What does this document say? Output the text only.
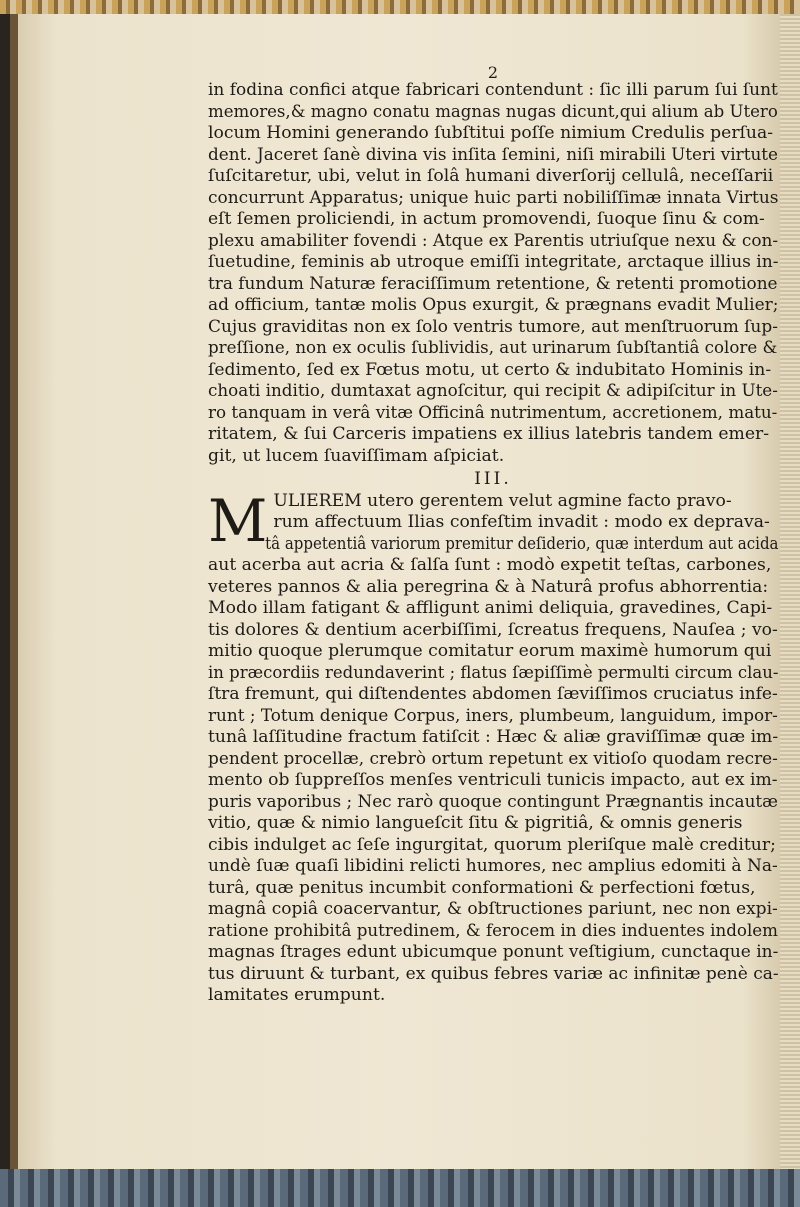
2
in fodina confici atque fabricari contendunt : ſic illi parum ſui ſunt
memores,& magno conatu magnas nugas dicunt,qui alium ab Utero
locum Homini generando ſubſtitui poſſe nimium Credulis perſua-
dent. Jaceret ſanè divina vis inſita ſemini, niſi mirabili Uteri virtute
ſuſcitaretur, ubi, velut in ſolâ humani diverſorij cellulâ, neceſſarii
concurrunt Apparatus; unique huic parti nobiliſſimæ innata Virtus
eſt ſemen proliciendi, in actum promovendi, ſuoque ſinu & com-
plexu amabiliter fovendi : Atque ex Parentis utriuſque nexu & con-
ſuetudine, feminis ab utroque emiſſi integritate, arctaque illius in-
tra fundum Naturæ feraciſſimum retentione, & retenti promotione
ad officium, tantæ molis Opus exurgit, & prægnans evadit Mulier;
Cujus graviditas non ex ſolo ventris tumore, aut menſtruorum ſup-
preſſione, non ex oculis ſublividis, aut urinarum ſubſtantiâ colore &
ſedimento, ſed ex Fœtus motu, ut certo & indubitato Hominis in-
choati inditio, dumtaxat agnoſcitur, qui recipit & adipiſcitur in Ute-
ro tanquam in verâ vitæ Officinâ nutrimentum, accretionem, matu-
ritatem, & ſui Carceris impatiens ex illius latebris tandem emer-
git, ut lucem ſuaviſſimam aſpiciat.
III.
M ULIEREM utero gerentem velut agmine facto pravo-
rum affectuum Ilias confeſtim invadit : modo ex deprava-
tâ appetentiâ variorum premitur deſiderio, quæ interdum aut acida
aut acerba aut acria & ſalſa ſunt : modò expetit teſtas, carbones,
veteres pannos & alia peregrina & à Naturâ profus abhorrentia:
Modo illam fatigant & affligunt animi deliquia, gravedines, Capi-
tis dolores & dentium acerbiſſimi, ſcreatus frequens, Nauſea ; vo-
mitio quoque plerumque comitatur eorum maximè humorum qui
in præcordiis redundaverint ; flatus ſæpiſſimè permulti circum clau-
ſtra fremunt, qui diſtendentes abdomen ſæviſſimos cruciatus infe-
runt ; Totum denique Corpus, iners, plumbeum, languidum, impor-
tunâ laſſitudine fractum fatiſcit : Hæc & aliæ graviſſimæ quæ im-
pendent procellæ, crebrò ortum repetunt ex vitioſo quodam recre-
mento ob ſuppreſſos menſes ventriculi tunicis impacto, aut ex im-
puris vaporibus ; Nec rarò quoque contingunt Prægnantis incautæ
vitio, quæ & nimio langueſcit ſitu & pigritiâ, & omnis generis
cibis indulget ac ſeſe ingurgitat, quorum pleriſque malè creditur;
undè ſuæ quaſi libidini relicti humores, nec amplius edomiti à Na-
turâ, quæ penitus incumbit conformationi & perfectioni fœtus,
magnâ copiâ coacervantur, & obſtructiones pariunt, nec non expi-
ratione prohibitâ putredinem, & ferocem in dies induentes indolem
magnas ſtrages edunt ubicumque ponunt veſtigium, cunctaque in-
tus diruunt & turbant, ex quibus febres variæ ac infinitæ penè ca-
lamitates erumpunt.
